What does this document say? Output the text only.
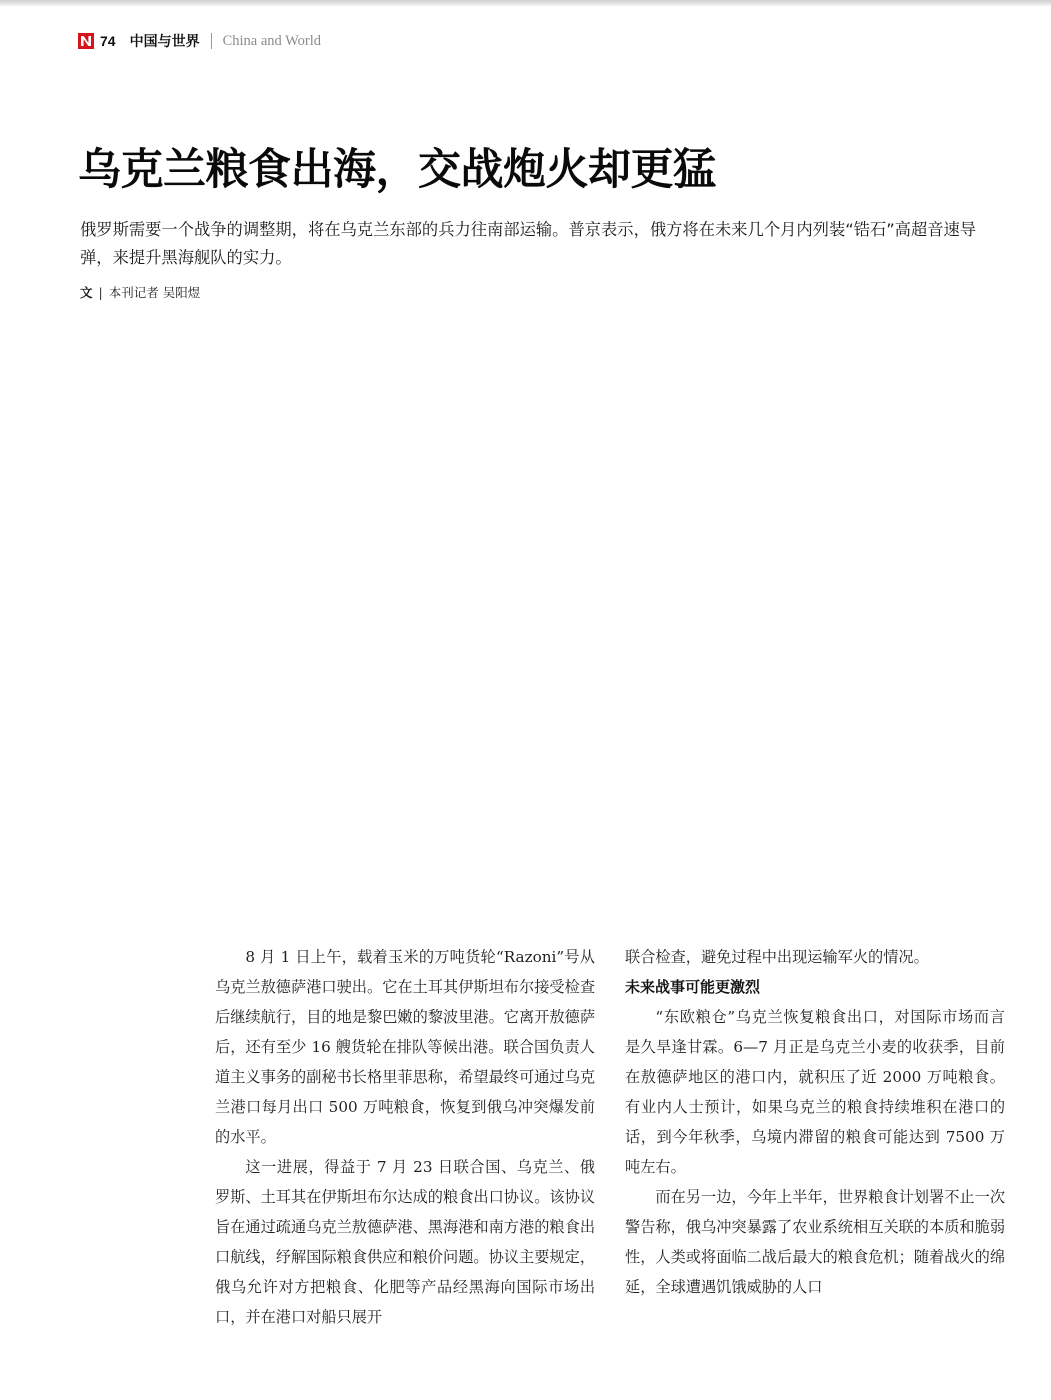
74 中国与世界 China and World
乌克兰粮食出海，交战炮火却更猛

俄罗斯需要一个战争的调整期，将在乌克兰东部的兵力往南部运输。普京表示，俄方将在未来几个月内列装“锆石”高超音速导弹，来提升黑海舰队的实力。

文 | 本刊记者 吴阳煜

8 月 1 日上午，载着玉米的万吨货轮“Razoni”号从乌克兰敖德萨港口驶出。它在土耳其伊斯坦布尔接受检查后继续航行，目的地是黎巴嫩的黎波里港。它离开敖德萨后，还有至少 16 艘货轮在排队等候出港。联合国负责人道主义事务的副秘书长格里菲思称，希望最终可通过乌克兰港口每月出口 500 万吨粮食，恢复到俄乌冲突爆发前的水平。

这一进展，得益于 7 月 23 日联合国、乌克兰、俄罗斯、土耳其在伊斯坦布尔达成的粮食出口协议。该协议旨在通过疏通乌克兰敖德萨港、黑海港和南方港的粮食出口航线，纾解国际粮食供应和粮价问题。协议主要规定，俄乌允许对方把粮食、化肥等产品经黑海向国际市场出口，并在港口对船只展开

联合检查，避免过程中出现运输军火的情况。

未来战事可能更激烈

“东欧粮仓”乌克兰恢复粮食出口，对国际市场而言是久旱逢甘霖。6—7 月正是乌克兰小麦的收获季，目前在敖德萨地区的港口内，就积压了近 2000 万吨粮食。有业内人士预计，如果乌克兰的粮食持续堆积在港口的话，到今年秋季，乌境内滞留的粮食可能达到 7500 万吨左右。

而在另一边，今年上半年，世界粮食计划署不止一次警告称，俄乌冲突暴露了农业系统相互关联的本质和脆弱性，人类或将面临二战后最大的粮食危机；随着战火的绵延，全球遭遇饥饿威胁的人口
